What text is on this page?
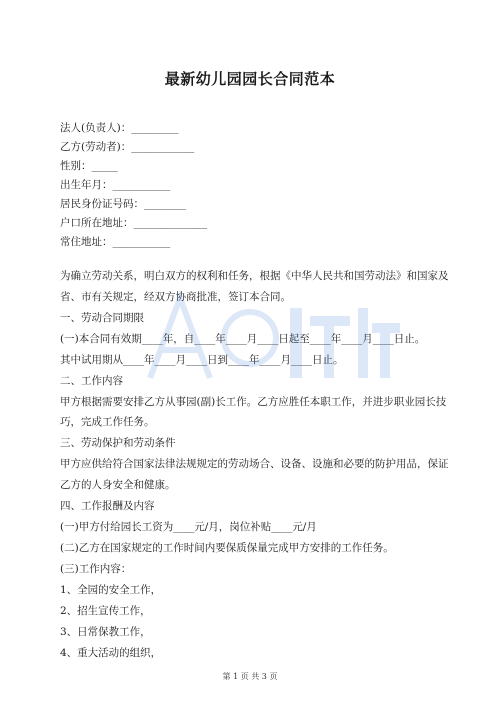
最新幼儿园园长合同范本
法人(负责人)：_________
乙方(劳动者)：____________
性别：_____
出生年月：___________
居民身份证号码：________
户口所在地址：______________
常住地址：___________
为确立劳动关系，明白双方的权利和任务，根据《中华人民共和国劳动法》和国家及
省、市有关规定，经双方协商批准，签订本合同。
一、劳动合同期限
(一)本合同有效期____年，自____年____月____日起至____年____月____日止。
其中试用期从____年____月____日到____年____月____日止。
二、工作内容
甲方根据需要安排乙方从事园(副)长工作。乙方应胜任本职工作，并进步职业园长技
巧，完成工作任务。
三、劳动保护和劳动条件
甲方应供给符合国家法律法规规定的劳动场合、设备、设施和必要的防护用品，保证
乙方的人身安全和健康。
四、工作报酬及内容
(一)甲方付给园长工资为____元/月，岗位补贴____元/月
(二)乙方在国家规定的工作时间内要保质保量完成甲方安排的工作任务。
(三)工作内容：
1、全园的安全工作，
2、招生宣传工作，
3、日常保教工作，
4、重大活动的组织，
第 1 页 共 3 页
